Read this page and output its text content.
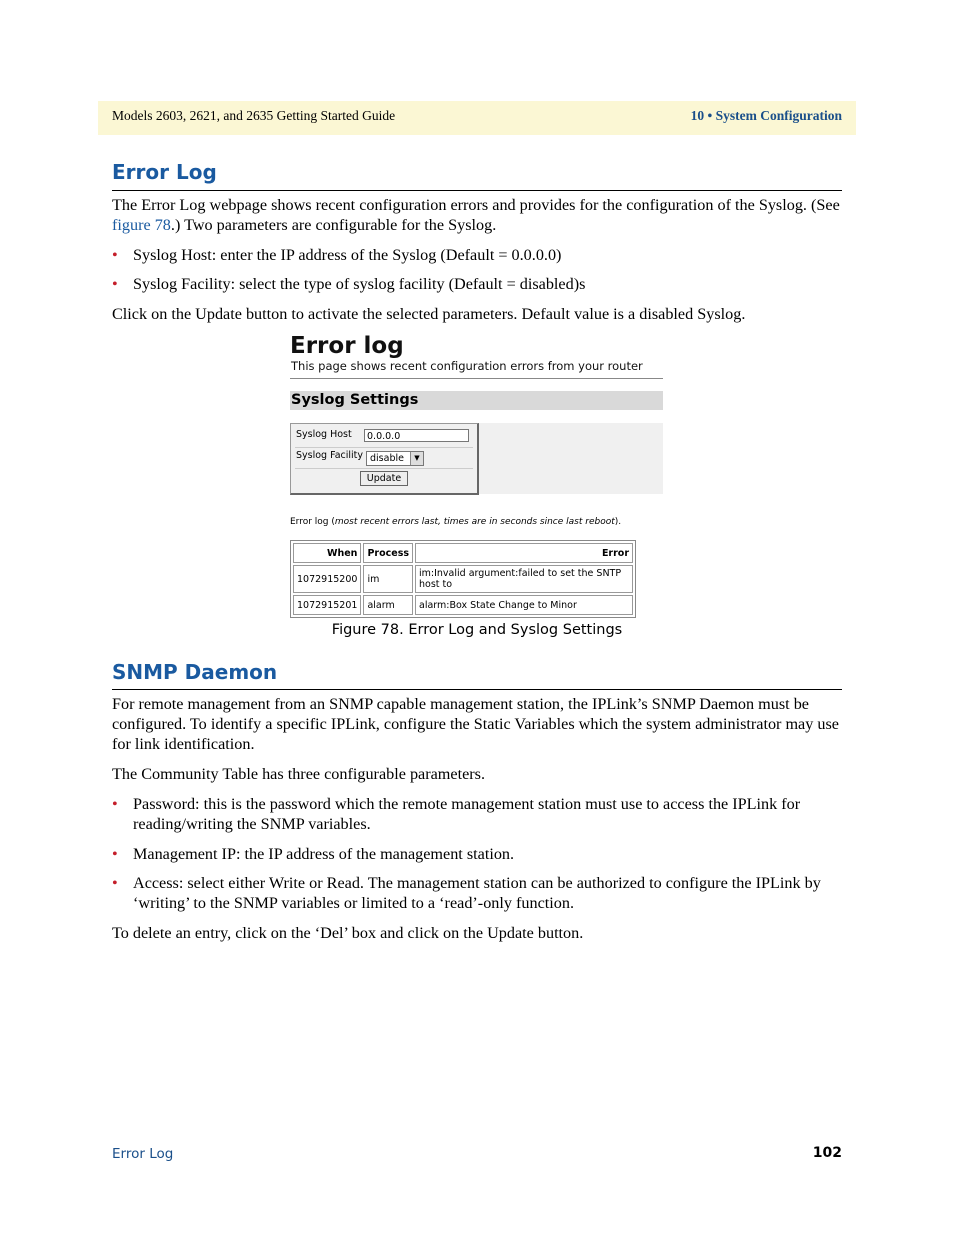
Models 2603, 2621, and 2635 Getting Started Guide	10 • System Configuration
Error Log
The Error Log webpage shows recent configuration errors and provides for the configuration of the Syslog. (See figure 78.) Two parameters are configurable for the Syslog.
• Syslog Host: enter the IP address of the Syslog (Default = 0.0.0.0)
• Syslog Facility: select the type of syslog facility (Default = disabled)s
Click on the Update button to activate the selected parameters. Default value is a disabled Syslog.
Error log
This page shows recent configuration errors from your router
Syslog Settings
Syslog Host	0.0.0.0
Syslog Facility disable	▼
Update
Error log (most recent errors last, times are in seconds since last reboot).
When	Process	Error
1072915200	im	im:Invalid argument:failed to set the SNTP host to
1072915201	alarm	alarm:Box State Change to Minor
Figure 78. Error Log and Syslog Settings
SNMP Daemon
For remote management from an SNMP capable management station, the IPLink’s SNMP Daemon must be configured. To identify a specific IPLink, configure the Static Variables which the system administrator may use for link identification.
The Community Table has three configurable parameters.
• Password: this is the password which the remote management station must use to access the IPLink for reading/writing the SNMP variables.
• Management IP: the IP address of the management station.
• Access: select either Write or Read. The management station can be authorized to configure the IPLink by ‘writing’ to the SNMP variables or limited to a ‘read’-only function.
To delete an entry, click on the ‘Del’ box and click on the Update button.
Error Log	102
